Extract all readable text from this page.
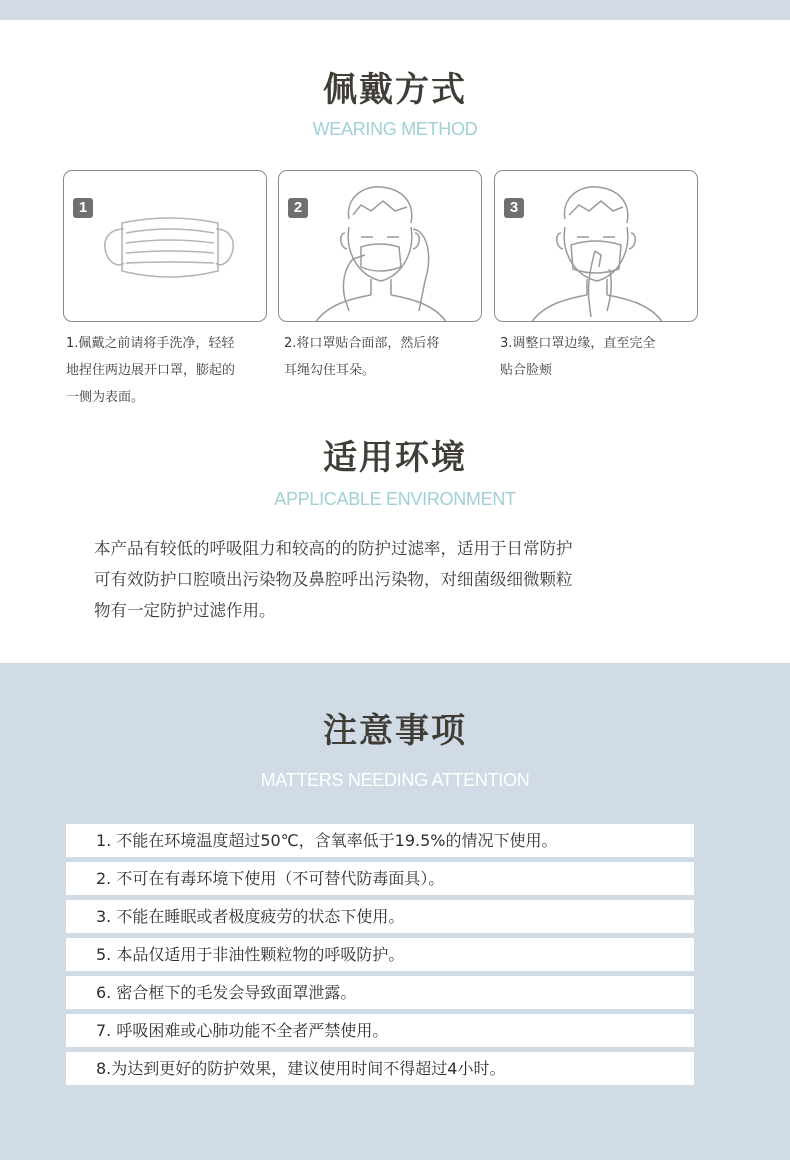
佩戴方式
WEARING METHOD
1	2	3
1.佩戴之前请将手洗净，轻轻
地捏住两边展开口罩，膨起的
一侧为表面。
2.将口罩贴合面部，然后将
耳绳勾住耳朵。
3.调整口罩边缘，直至完全
贴合脸颊
适用环境
APPLICABLE ENVIRONMENT
本产品有较低的呼吸阻力和较高的的防护过滤率，适用于日常防护
可有效防护口腔喷出污染物及鼻腔呼出污染物，对细菌级细微颗粒
物有一定防护过滤作用。
注意事项
MATTERS NEEDING ATTENTION
1. 不能在环境温度超过50℃，含氧率低于19.5%的情况下使用。
2. 不可在有毒环境下使用（不可替代防毒面具）。
3. 不能在睡眠或者极度疲劳的状态下使用。
5. 本品仅适用于非油性颗粒物的呼吸防护。
6. 密合框下的毛发会导致面罩泄露。
7. 呼吸困难或心肺功能不全者严禁使用。
8.为达到更好的防护效果，建议使用时间不得超过4小时。
